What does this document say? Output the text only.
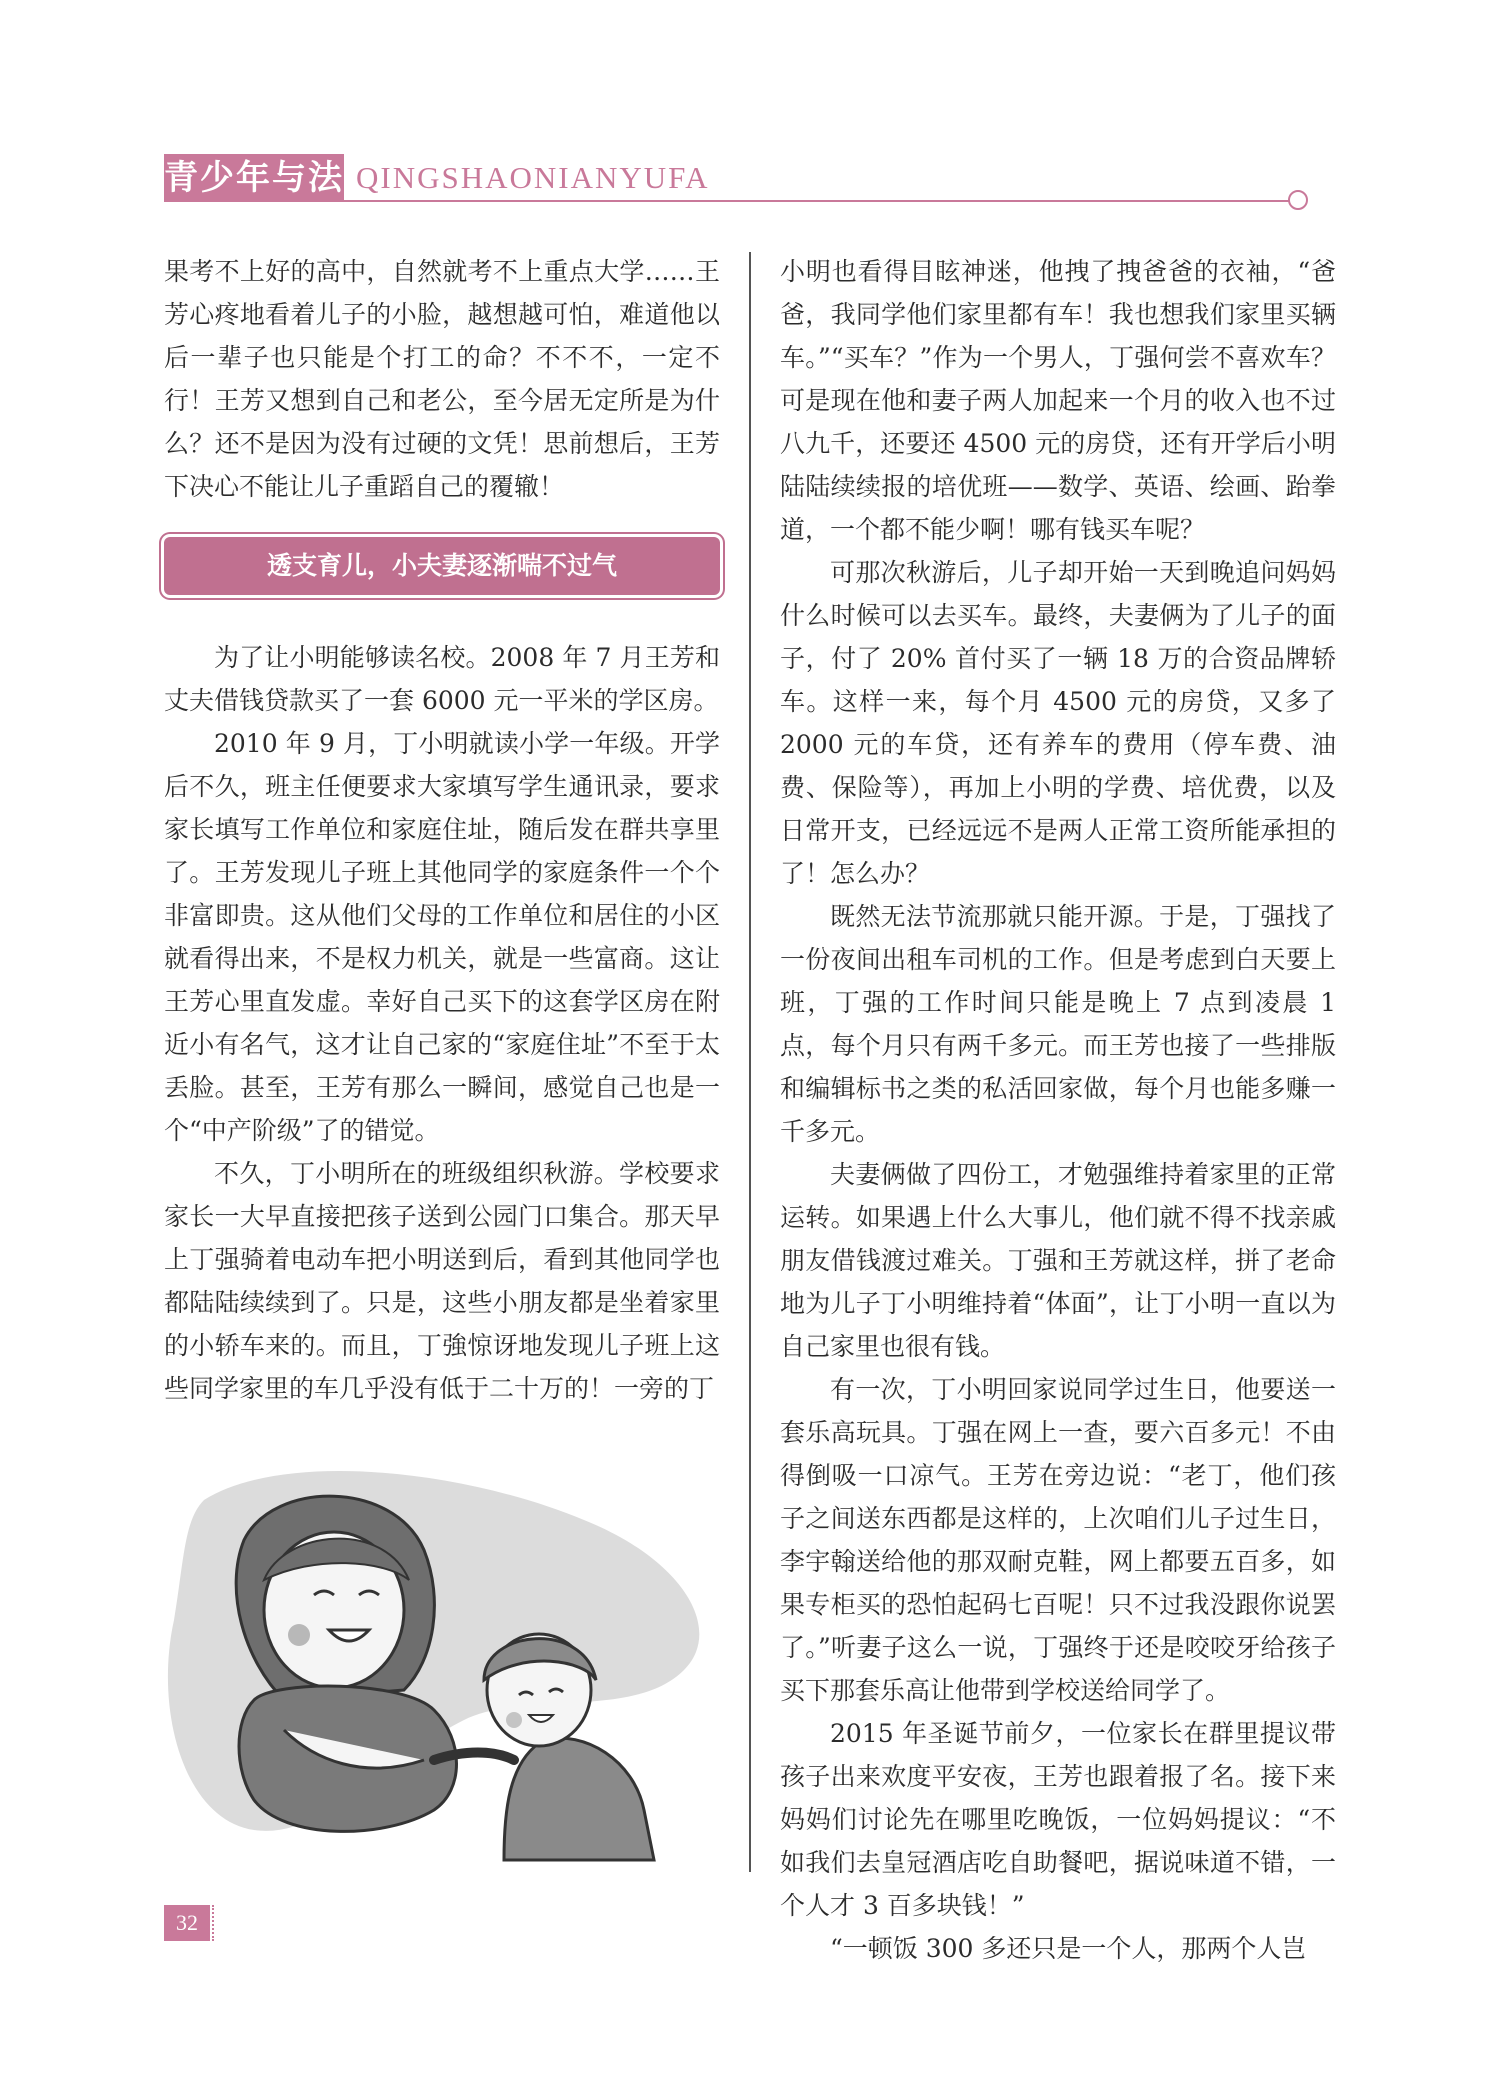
青少年与法 QINGSHAONIANYUFA

果考不上好的高中，自然就考不上重点大学……王芳心疼地看着儿子的小脸，越想越可怕，难道他以后一辈子也只能是个打工的命？不不不，一定不行！王芳又想到自己和老公，至今居无定所是为什么？还不是因为没有过硬的文凭！思前想后，王芳下决心不能让儿子重蹈自己的覆辙！

为了让小明能够读名校。2008 年 7 月王芳和丈夫借钱贷款买了一套 6000 元一平米的学区房。

2010 年 9 月，丁小明就读小学一年级。开学后不久，班主任便要求大家填写学生通讯录，要求家长填写工作单位和家庭住址，随后发在群共享里了。王芳发现儿子班上其他同学的家庭条件一个个非富即贵。这从他们父母的工作单位和居住的小区就看得出来，不是权力机关，就是一些富商。这让王芳心里直发虚。幸好自己买下的这套学区房在附近小有名气，这才让自己家的“家庭住址”不至于太丢脸。甚至，王芳有那么一瞬间，感觉自己也是一个“中产阶级”了的错觉。

不久，丁小明所在的班级组织秋游。学校要求家长一大早直接把孩子送到公园门口集合。那天早上丁强骑着电动车把小明送到后，看到其他同学也都陆陆续续到了。只是，这些小朋友都是坐着家里的小轿车来的。而且，丁強惊讶地发现儿子班上这些同学家里的车几乎没有低于二十万的！一旁的丁

透支育儿，小夫妻逐渐喘不过气

小明也看得目眩神迷，他拽了拽爸爸的衣袖，“爸爸，我同学他们家里都有车！我也想我们家里买辆车。”“买车？”作为一个男人，丁强何尝不喜欢车？可是现在他和妻子两人加起来一个月的收入也不过八九千，还要还 4500 元的房贷，还有开学后小明陆陆续续报的培优班——数学、英语、绘画、跆拳道，一个都不能少啊！哪有钱买车呢？

可那次秋游后，儿子却开始一天到晚追问妈妈什么时候可以去买车。最终，夫妻俩为了儿子的面子，付了 20% 首付买了一辆 18 万的合资品牌轿车。这样一来，每个月 4500 元的房贷，又多了 2000 元的车贷，还有养车的费用（停车费、油费、保险等），再加上小明的学费、培优费，以及日常开支，已经远远不是两人正常工资所能承担的了！怎么办？

既然无法节流那就只能开源。于是，丁强找了一份夜间出租车司机的工作。但是考虑到白天要上班，丁强的工作时间只能是晚上 7 点到凌晨 1 点，每个月只有两千多元。而王芳也接了一些排版和编辑标书之类的私活回家做，每个月也能多赚一千多元。

夫妻俩做了四份工，才勉强维持着家里的正常运转。如果遇上什么大事儿，他们就不得不找亲戚朋友借钱渡过难关。丁强和王芳就这样，拼了老命地为儿子丁小明维持着“体面”，让丁小明一直以为自己家里也很有钱。

有一次，丁小明回家说同学过生日，他要送一套乐高玩具。丁强在网上一查，要六百多元！不由得倒吸一口凉气。王芳在旁边说：“老丁，他们孩子之间送东西都是这样的，上次咱们儿子过生日，李宇翰送给他的那双耐克鞋，网上都要五百多，如果专柜买的恐怕起码七百呢！只不过我没跟你说罢了。”听妻子这么一说，丁强终于还是咬咬牙给孩子买下那套乐高让他带到学校送给同学了。

2015 年圣诞节前夕，一位家长在群里提议带孩子出来欢度平安夜，王芳也跟着报了名。接下来妈妈们讨论先在哪里吃晚饭，一位妈妈提议：“不如我们去皇冠酒店吃自助餐吧，据说味道不错，一个人才 3 百多块钱！”

“一顿饭 300 多还只是一个人，那两个人岂

32
